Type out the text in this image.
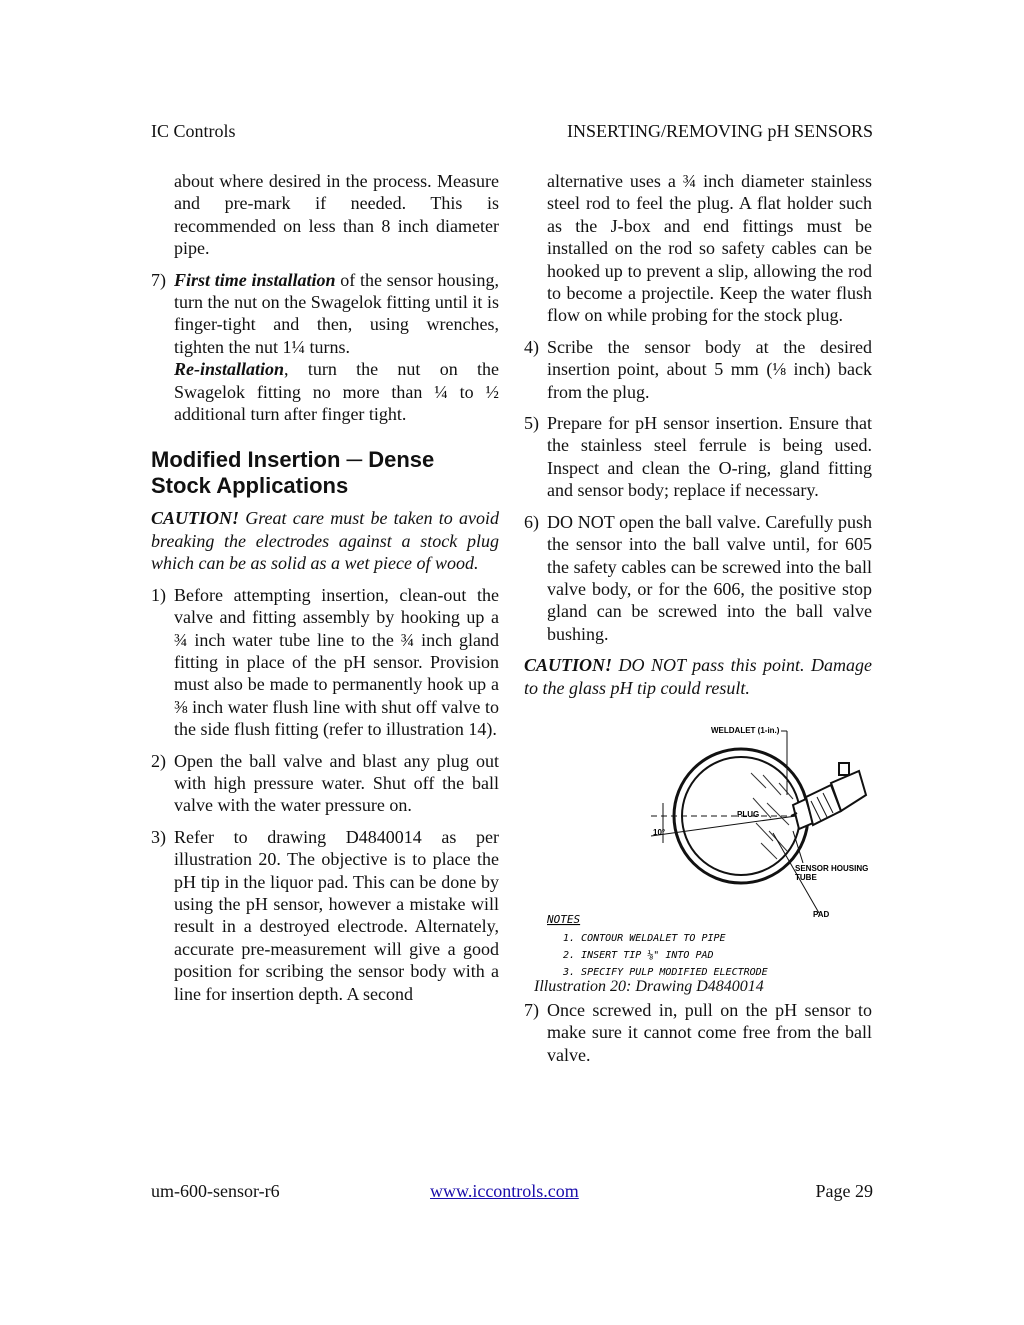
IC Controls	INSERTING/REMOVING pH SENSORS

about where desired in the process. Measure and pre-mark if needed. This is recommended on less than 8 inch diameter pipe.

7) First time installation of the sensor housing, turn the nut on the Swagelok fitting until it is finger-tight and then, using wrenches, tighten the nut 1¼ turns.
Re-installation, turn the nut on the Swagelok fitting no more than ¼ to ½ additional turn after finger tight.
Modified Insertion ─ Dense Stock Applications

CAUTION! Great care must be taken to avoid breaking the electrodes against a stock plug which can be as solid as a wet piece of wood.

1) Before attempting insertion, clean-out the valve and fitting assembly by hooking up a ¾ inch water tube line to the ¾ inch gland fitting in place of the pH sensor. Provision must also be made to permanently hook up a ⅜ inch water flush line with shut off valve to the side flush fitting (refer to illustration 14).
2) Open the ball valve and blast any plug out with high pressure water. Shut off the ball valve with the water pressure on.
3) Refer to drawing D4840014 as per illustration 20. The objective is to place the pH tip in the liquor pad. This can be done by using the pH sensor, however a mistake will result in a destroyed electrode. Alternately, accurate pre-measurement will give a good position for scribing the sensor body with a line for insertion depth. A second

alternative uses a ¾ inch diameter stainless steel rod to feel the plug. A flat holder such as the J-box and end fittings must be installed on the rod so safety cables can be hooked up to prevent a slip, allowing the rod to become a projectile. Keep the water flush flow on while probing for the stock plug.

4) Scribe the sensor body at the desired insertion point, about 5 mm (⅛ inch) back from the plug.
5) Prepare for pH sensor insertion. Ensure that the stainless steel ferrule is being used. Inspect and clean the O-ring, gland fitting and sensor body; replace if necessary.
6) DO NOT open the ball valve. Carefully push the sensor into the ball valve until, for 605 the safety cables can be screwed into the ball valve body, or for the 606, the positive stop gland can be screwed into the ball valve bushing.

CAUTION! DO NOT pass this point. Damage to the glass pH tip could result.

WELDALET (1-in.)
PLUG
10°
SENSOR HOUSING
TUBE
PAD
NOTES
1. CONTOUR WELDALET TO PIPE
2. INSERT TIP ⅛" INTO PAD
3. SPECIFY PULP MODIFIED ELECTRODE

Illustration 20: Drawing D4840014

7) Once screwed in, pull on the pH sensor to make sure it cannot come free from the ball valve.
um-600-sensor-r6	www.iccontrols.com	Page 29
